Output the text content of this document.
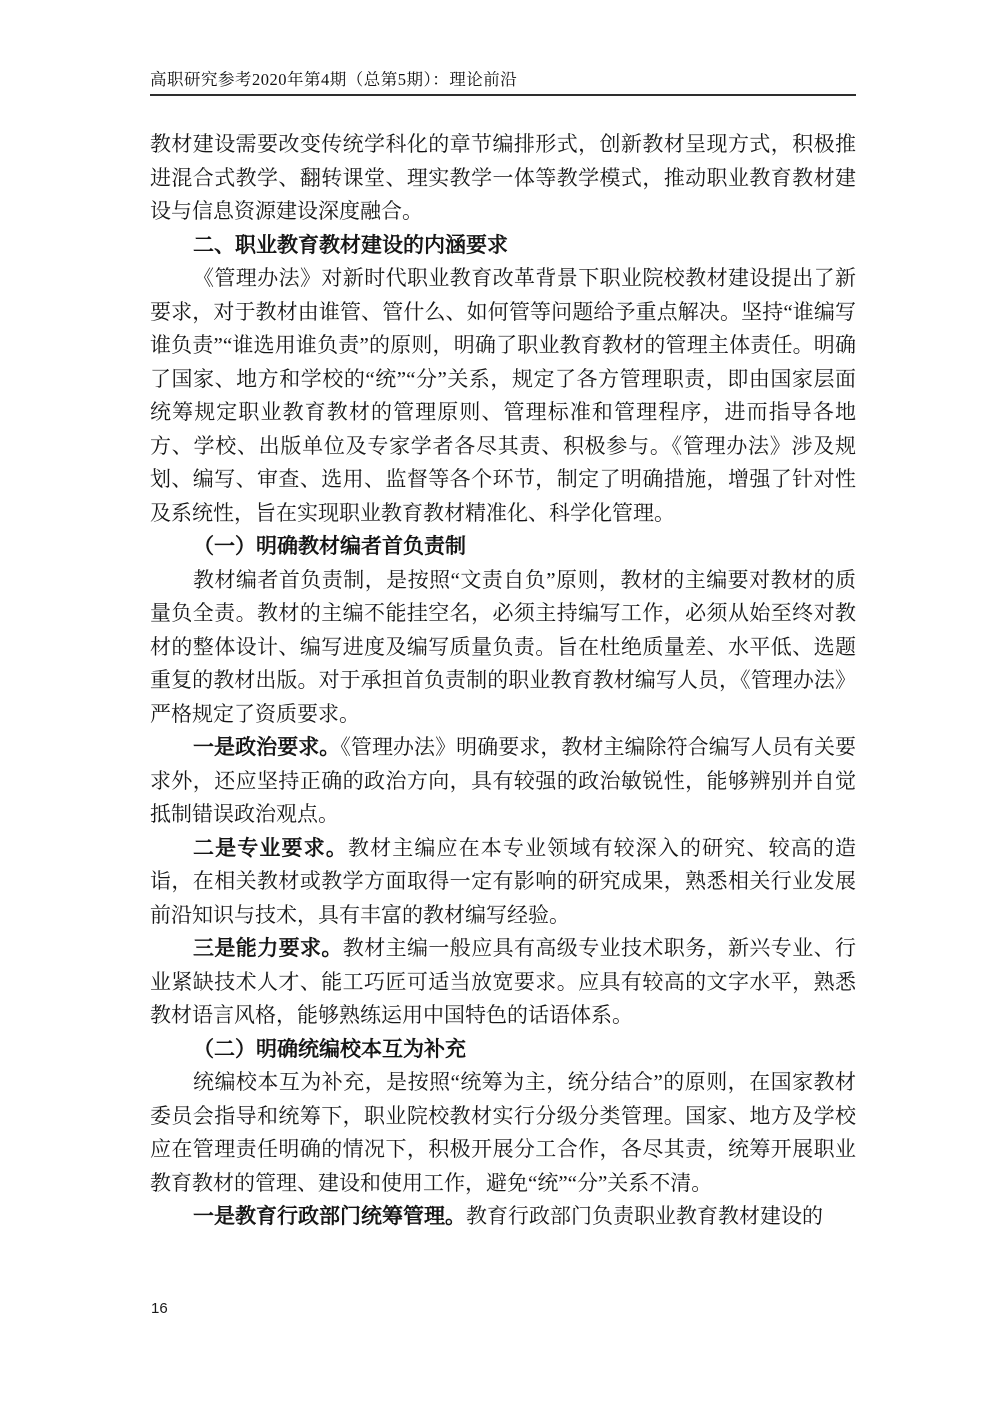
高职研究参考2020年第4期（总第5期）：理论前沿

教材建设需要改变传统学科化的章节编排形式，创新教材呈现方式，积极推进混合式教学、翻转课堂、理实教学一体等教学模式，推动职业教育教材建设与信息资源建设深度融合。

二、职业教育教材建设的内涵要求

《管理办法》对新时代职业教育改革背景下职业院校教材建设提出了新要求，对于教材由谁管、管什么、如何管等问题给予重点解决。坚持“谁编写谁负责”“谁选用谁负责”的原则，明确了职业教育教材的管理主体责任。明确了国家、地方和学校的“统”“分”关系，规定了各方管理职责，即由国家层面统筹规定职业教育教材的管理原则、管理标准和管理程序，进而指导各地方、学校、出版单位及专家学者各尽其责、积极参与。《管理办法》涉及规划、编写、审查、选用、监督等各个环节，制定了明确措施，增强了针对性及系统性，旨在实现职业教育教材精准化、科学化管理。

（一）明确教材编者首负责制

教材编者首负责制，是按照“文责自负”原则，教材的主编要对教材的质量负全责。教材的主编不能挂空名，必须主持编写工作，必须从始至终对教材的整体设计、编写进度及编写质量负责。旨在杜绝质量差、水平低、选题重复的教材出版。对于承担首负责制的职业教育教材编写人员，《管理办法》严格规定了资质要求。

一是政治要求。《管理办法》明确要求，教材主编除符合编写人员有关要求外，还应坚持正确的政治方向，具有较强的政治敏锐性，能够辨别并自觉抵制错误政治观点。

二是专业要求。教材主编应在本专业领域有较深入的研究、较高的造诣，在相关教材或教学方面取得一定有影响的研究成果，熟悉相关行业发展前沿知识与技术，具有丰富的教材编写经验。

三是能力要求。教材主编一般应具有高级专业技术职务，新兴专业、行业紧缺技术人才、能工巧匠可适当放宽要求。应具有较高的文字水平，熟悉教材语言风格，能够熟练运用中国特色的话语体系。

（二）明确统编校本互为补充

统编校本互为补充，是按照“统筹为主，统分结合”的原则，在国家教材委员会指导和统筹下，职业院校教材实行分级分类管理。国家、地方及学校应在管理责任明确的情况下，积极开展分工合作，各尽其责，统筹开展职业教育教材的管理、建设和使用工作，避免“统”“分”关系不清。

一是教育行政部门统筹管理。教育行政部门负责职业教育教材建设的

16
